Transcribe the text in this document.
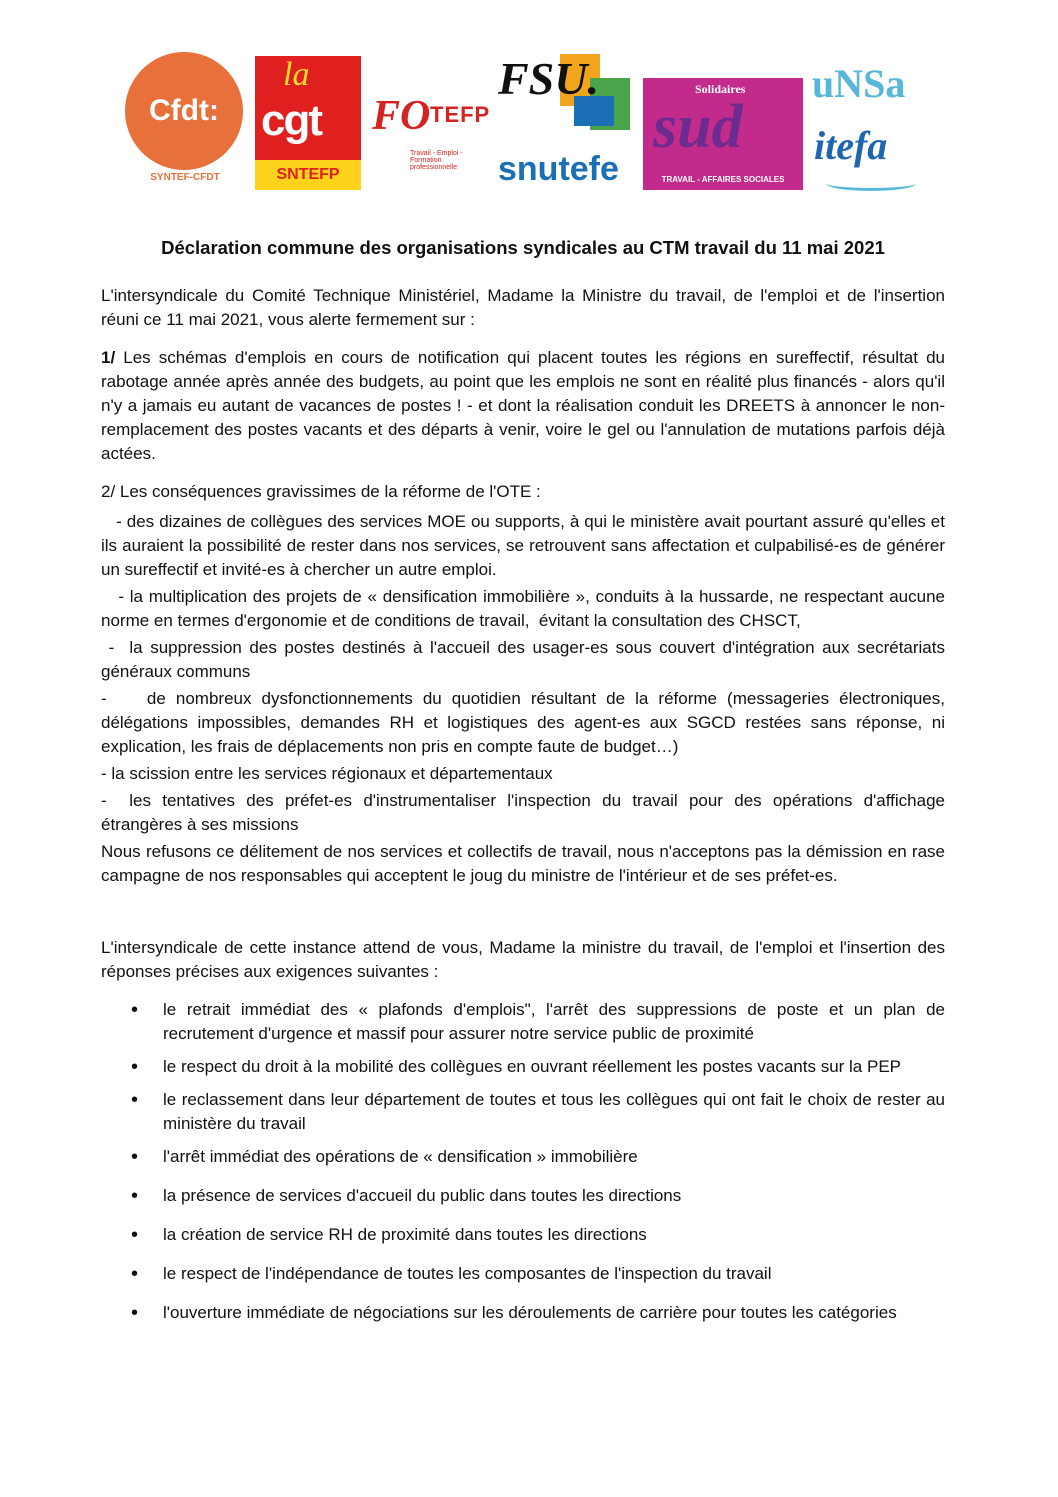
Cfdt:
SYNTEF-CFDT
la
cgt
SNTEFP
FO TEFP
Travail - Emploi - Formation professionnelle
FSU.
snutefe
Solidaires
sud
TRAVAIL - AFFAIRES SOCIALES
uNSa
itefa
Déclaration commune des organisations syndicales au CTM travail du 11 mai 2021

L'intersyndicale du Comité Technique Ministériel, Madame la Ministre du travail, de l'emploi et de l'insertion réuni ce 11 mai 2021, vous alerte fermement sur :

1/ Les schémas d'emplois en cours de notification qui placent toutes les régions en sureffectif, résultat du rabotage année après année des budgets, au point que les emplois ne sont en réalité plus financés - alors qu'il n'y a jamais eu autant de vacances de postes ! - et dont la réalisation conduit les DREETS à annoncer le non-remplacement des postes vacants et des départs à venir, voire le gel ou l'annulation de mutations parfois déjà actées.

2/ Les conséquences gravissimes de la réforme de l'OTE :

- des dizaines de collègues des services MOE ou supports, à qui le ministère avait pourtant assuré qu'elles et ils auraient la possibilité de rester dans nos services, se retrouvent sans affectation et culpabilisé-es de générer un sureffectif et invité-es à chercher un autre emploi.

- la multiplication des projets de « densification immobilière », conduits à la hussarde, ne respectant aucune norme en termes d'ergonomie et de conditions de travail,  évitant la consultation des CHSCT,

-  la suppression des postes destinés à l'accueil des usager-es sous couvert d'intégration aux secrétariats généraux communs

-    de nombreux dysfonctionnements du quotidien résultant de la réforme (messageries électroniques, délégations impossibles, demandes RH et logistiques des agent-es aux SGCD restées sans réponse, ni explication, les frais de déplacements non pris en compte faute de budget…)

- la scission entre les services régionaux et départementaux

-  les tentatives des préfet-es d'instrumentaliser l'inspection du travail pour des opérations d'affichage étrangères à ses missions

Nous refusons ce délitement de nos services et collectifs de travail, nous n'acceptons pas la démission en rase campagne de nos responsables qui acceptent le joug du ministre de l'intérieur et de ses préfet-es.

L'intersyndicale de cette instance attend de vous, Madame la ministre du travail, de l'emploi et l'insertion des réponses précises aux exigences suivantes :

• le retrait immédiat des « plafonds d'emplois", l'arrêt des suppressions de poste et un plan de recrutement d'urgence et massif pour assurer notre service public de proximité
• le respect du droit à la mobilité des collègues en ouvrant réellement les postes vacants sur la PEP
• le reclassement dans leur département de toutes et tous les collègues qui ont fait le choix de rester au ministère du travail
• l'arrêt immédiat des opérations de « densification » immobilière
• la présence de services d'accueil du public dans toutes les directions
• la création de service RH de proximité dans toutes les directions
• le respect de l'indépendance de toutes les composantes de l'inspection du travail
• l'ouverture immédiate de négociations sur les déroulements de carrière pour toutes les catégories
